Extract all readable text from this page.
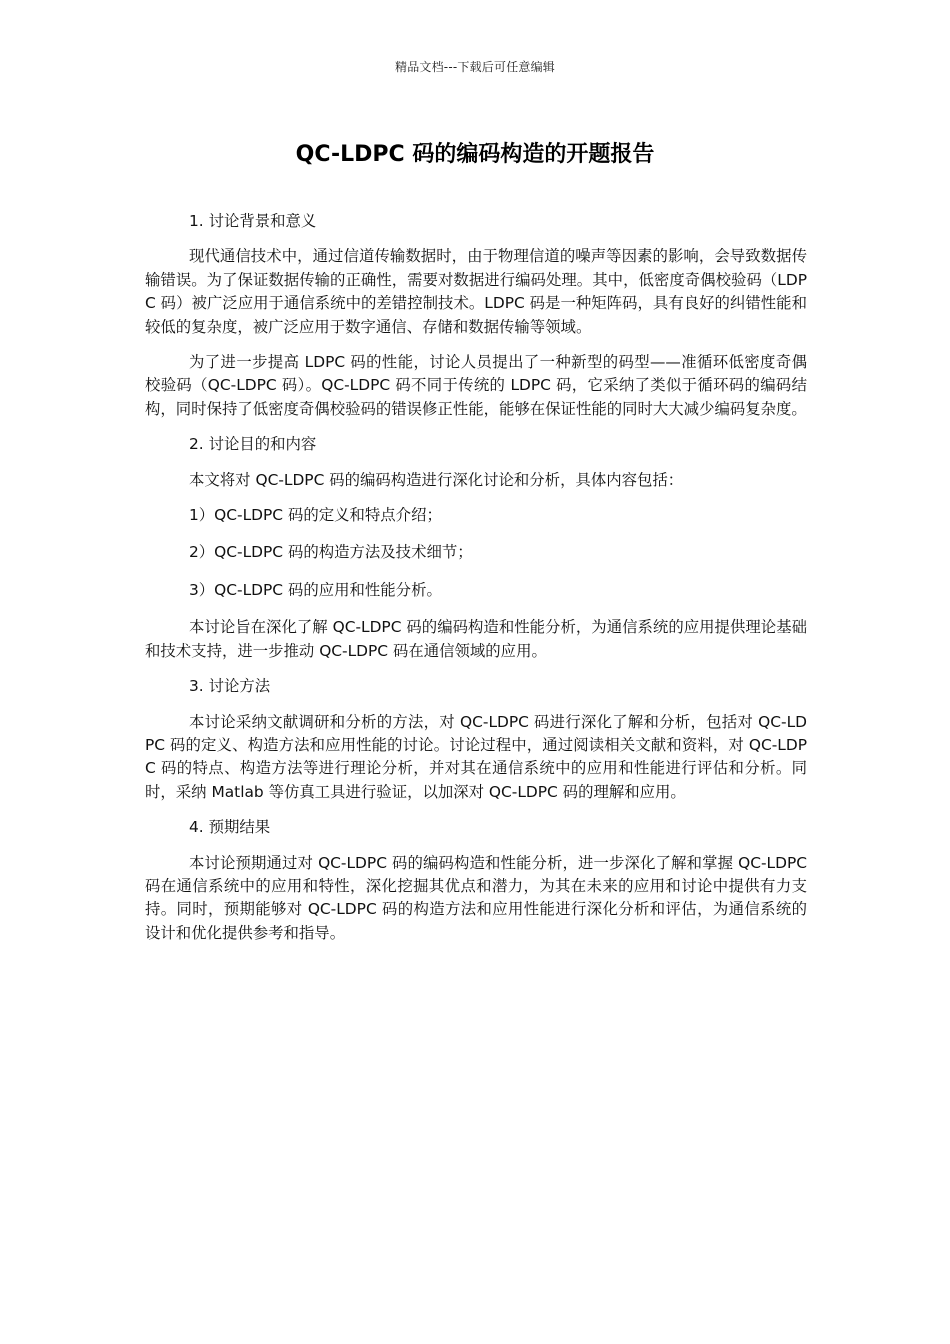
精品文档---下载后可任意编辑
QC-LDPC 码的编码构造的开题报告

1. 讨论背景和意义

现代通信技术中，通过信道传输数据时，由于物理信道的噪声等因素的影响，会导致数据传输错误。为了保证数据传输的正确性，需要对数据进行编码处理。其中，低密度奇偶校验码（LDPC 码）被广泛应用于通信系统中的差错控制技术。LDPC 码是一种矩阵码，具有良好的纠错性能和较低的复杂度，被广泛应用于数字通信、存储和数据传输等领域。

为了进一步提高 LDPC 码的性能，讨论人员提出了一种新型的码型——准循环低密度奇偶校验码（QC-LDPC 码）。QC-LDPC 码不同于传统的 LDPC 码，它采纳了类似于循环码的编码结构，同时保持了低密度奇偶校验码的错误修正性能，能够在保证性能的同时大大减少编码复杂度。

2. 讨论目的和内容

本文将对 QC-LDPC 码的编码构造进行深化讨论和分析，具体内容包括：

1）QC-LDPC 码的定义和特点介绍；

2）QC-LDPC 码的构造方法及技术细节；

3）QC-LDPC 码的应用和性能分析。

本讨论旨在深化了解 QC-LDPC 码的编码构造和性能分析，为通信系统的应用提供理论基础和技术支持，进一步推动 QC-LDPC 码在通信领域的应用。

3. 讨论方法

本讨论采纳文献调研和分析的方法，对 QC-LDPC 码进行深化了解和分析，包括对 QC-LDPC 码的定义、构造方法和应用性能的讨论。讨论过程中，通过阅读相关文献和资料，对 QC-LDPC 码的特点、构造方法等进行理论分析，并对其在通信系统中的应用和性能进行评估和分析。同时，采纳 Matlab 等仿真工具进行验证，以加深对 QC-LDPC 码的理解和应用。

4. 预期结果

本讨论预期通过对 QC-LDPC 码的编码构造和性能分析，进一步深化了解和掌握 QC-LDPC 码在通信系统中的应用和特性，深化挖掘其优点和潜力，为其在未来的应用和讨论中提供有力支持。同时，预期能够对 QC-LDPC 码的构造方法和应用性能进行深化分析和评估，为通信系统的设计和优化提供参考和指导。
